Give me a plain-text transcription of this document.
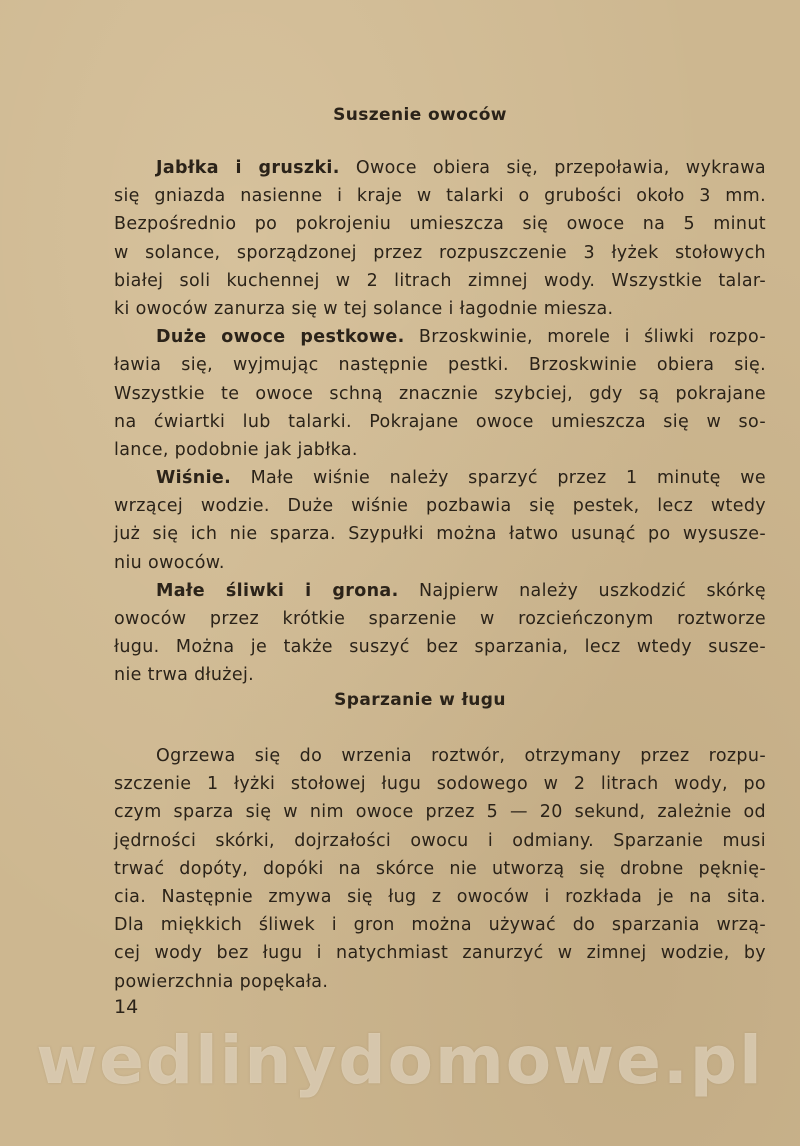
Suszenie owoców
Jabłka i gruszki. Owoce obiera się, przepoławia, wykrawa
się gniazda nasienne i kraje w talarki o grubości około 3 mm.
Bezpośrednio po pokrojeniu umieszcza się owoce na 5 minut
w solance, sporządzonej przez rozpuszczenie 3 łyżek stołowych
białej soli kuchennej w 2 litrach zimnej wody. Wszystkie talar-
ki owoców zanurza się w tej solance i łagodnie miesza.
Duże owoce pestkowe. Brzoskwinie, morele i śliwki rozpo-
ławia się, wyjmując następnie pestki. Brzoskwinie obiera się.
Wszystkie te owoce schną znacznie szybciej, gdy są pokrajane
na ćwiartki lub talarki. Pokrajane owoce umieszcza się w so-
lance, podobnie jak jabłka.
Wiśnie. Małe wiśnie należy sparzyć przez 1 minutę we
wrzącej wodzie. Duże wiśnie pozbawia się pestek, lecz wtedy
już się ich nie sparza. Szypułki można łatwo usunąć po wysusze-
niu owoców.
Małe śliwki i grona. Najpierw należy uszkodzić skórkę
owoców przez krótkie sparzenie w rozcieńczonym roztworze
ługu. Można je także suszyć bez sparzania, lecz wtedy susze-
nie trwa dłużej.
Sparzanie w ługu
Ogrzewa się do wrzenia roztwór, otrzymany przez rozpu-
szczenie 1 łyżki stołowej ługu sodowego w 2 litrach wody, po
czym sparza się w nim owoce przez 5 — 20 sekund, zależnie od
jędrności skórki, dojrzałości owocu i odmiany. Sparzanie musi
trwać dopóty, dopóki na skórce nie utworzą się drobne pęknię-
cia. Następnie zmywa się ług z owoców i rozkłada je na sita.
Dla miękkich śliwek i gron można używać do sparzania wrzą-
cej wody bez ługu i natychmiast zanurzyć w zimnej wodzie, by
powierzchnia popękała.
14
wedlinydomowe.pl
